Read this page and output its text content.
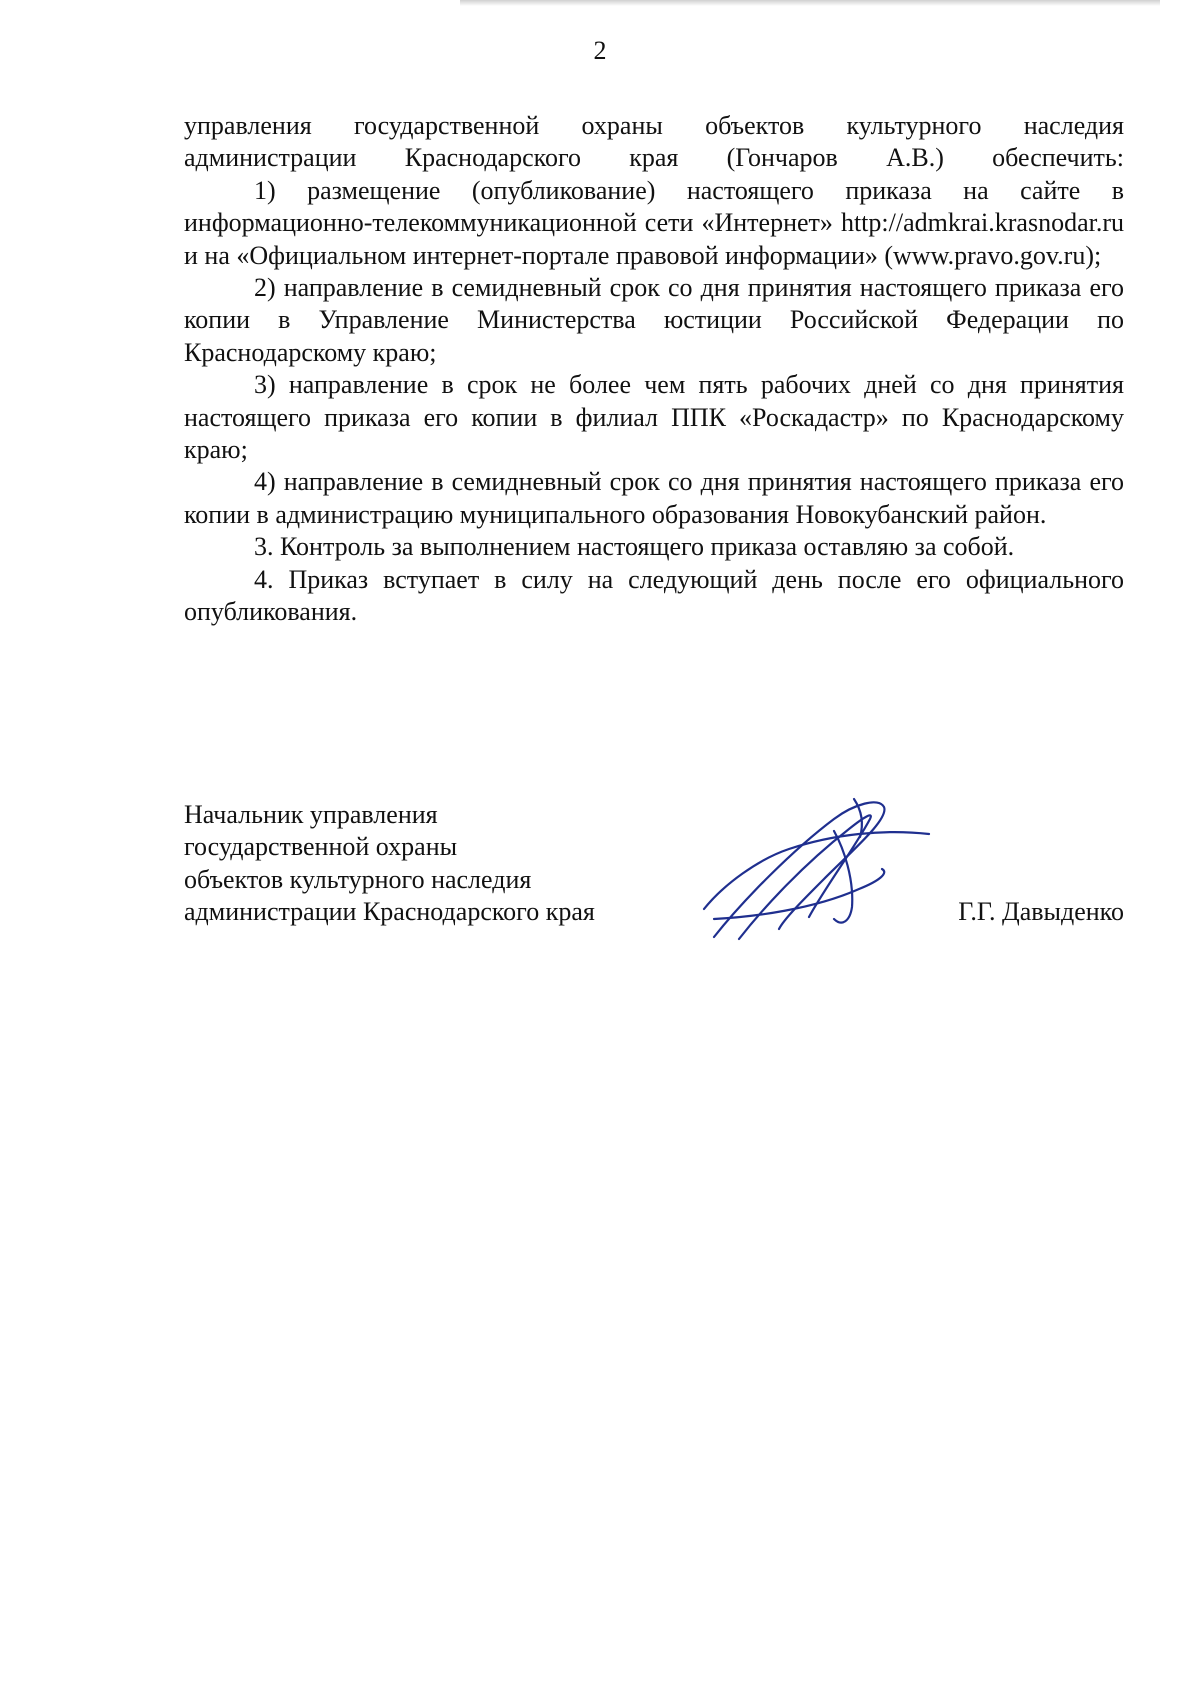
2

управления государственной охраны объектов культурного наследия администрации Краснодарского края (Гончаров А.В.) обеспечить:

1) размещение (опубликование) настоящего приказа на сайте в информационно-телекоммуникационной сети «Интернет» http://admkrai.krasnodar.ru и на «Официальном интернет-портале правовой информации» (www.pravo.gov.ru);

2) направление в семидневный срок со дня принятия настоящего приказа его копии в Управление Министерства юстиции Российской Федерации по Краснодарскому краю;

3) направление в срок не более чем пять рабочих дней со дня принятия настоящего приказа его копии в филиал ППК «Роскадастр» по Краснодарскому краю;

4) направление в семидневный срок со дня принятия настоящего приказа его копии в администрацию муниципального образования Новокубанский район.

3. Контроль за выполнением настоящего приказа оставляю за собой.

4. Приказ вступает в силу на следующий день после его официального опубликования.

Начальник управления
государственной охраны
объектов культурного наследия
администрации Краснодарского края	Г.Г. Давыденко
